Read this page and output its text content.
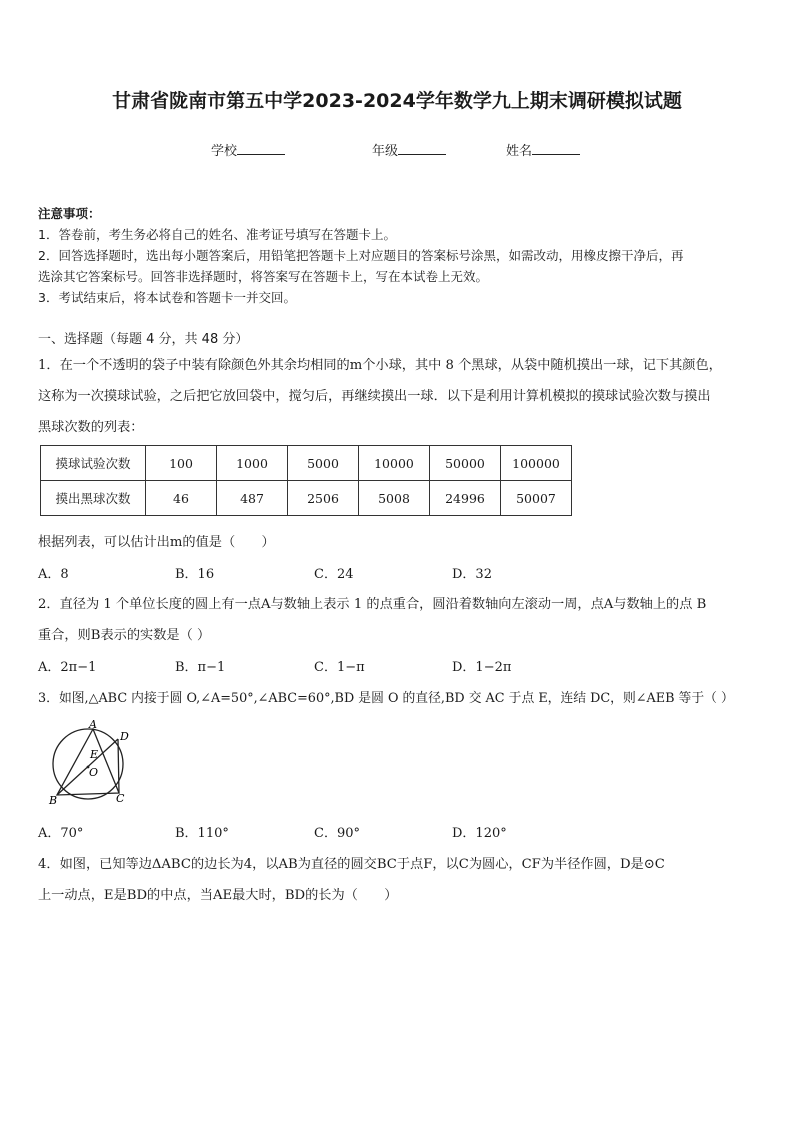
甘肃省陇南市第五中学2023-2024学年数学九上期末调研模拟试题
学校	年级	姓名
注意事项：
1．答卷前，考生务必将自己的姓名、准考证号填写在答题卡上。
2．回答选择题时，选出每小题答案后，用铅笔把答题卡上对应题目的答案标号涂黑，如需改动，用橡皮擦干净后，再
选涂其它答案标号。回答非选择题时，将答案写在答题卡上，写在本试卷上无效。
3．考试结束后，将本试卷和答题卡一并交回。
一、选择题（每题 4 分，共 48 分）
1．在一个不透明的袋子中装有除颜色外其余均相同的m个小球，其中 8 个黑球，从袋中随机摸出一球，记下其颜色，
这称为一次摸球试验，之后把它放回袋中，搅匀后，再继续摸出一球．以下是利用计算机模拟的摸球试验次数与摸出
黑球次数的列表：
摸球试验次数	100	1000	5000	10000	50000	100000
摸出黑球次数	46	487	2506	5008	24996	50007
根据列表，可以估计出m的值是（　　）
A．8	B．16	C．24	D．32
2．直径为 1 个单位长度的圆上有一点A与数轴上表示 1 的点重合，圆沿着数轴向左滚动一周，点A与数轴上的点 B
重合，则B表示的实数是（ ）
A．2π−1	B．π−1	C．1−π	D．1−2π
3．如图,△ABC 内接于圆 O,∠A=50°,∠ABC=60°,BD 是圆 O 的直径,BD 交 AC 于点 E，连结 DC，则∠AEB 等于（ ）
A
D
E
O
B	C
A．70°	B．110°	C．90°	D．120°
4．如图，已知等边ΔABC的边长为4，以AB为直径的圆交BC于点F，以C为圆心，CF为半径作圆，D是⊙C
上一动点，E是BD的中点，当AE最大时，BD的长为（　　）
